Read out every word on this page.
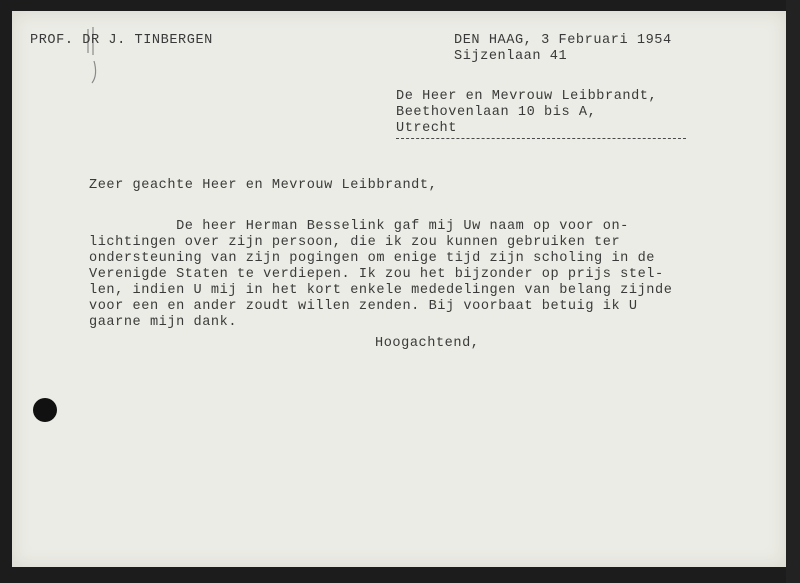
PROF. DR J. TINBERGEN	DEN HAAG, 3 Februari 1954
Sijzenlaan 41
De Heer en Mevrouw Leibbrandt,
Beethovenlaan 10 bis A,
Utrecht
Zeer geachte Heer en Mevrouw Leibbrandt,
De heer Herman Besselink gaf mij Uw naam op voor on-
lichtingen over zijn persoon, die ik zou kunnen gebruiken ter
ondersteuning van zijn pogingen om enige tijd zijn scholing in de
Verenigde Staten te verdiepen. Ik zou het bijzonder op prijs stel-
len, indien U mij in het kort enkele mededelingen van belang zijnde
voor een en ander zoudt willen zenden. Bij voorbaat betuig ik U
gaarne mijn dank.
Hoogachtend,
